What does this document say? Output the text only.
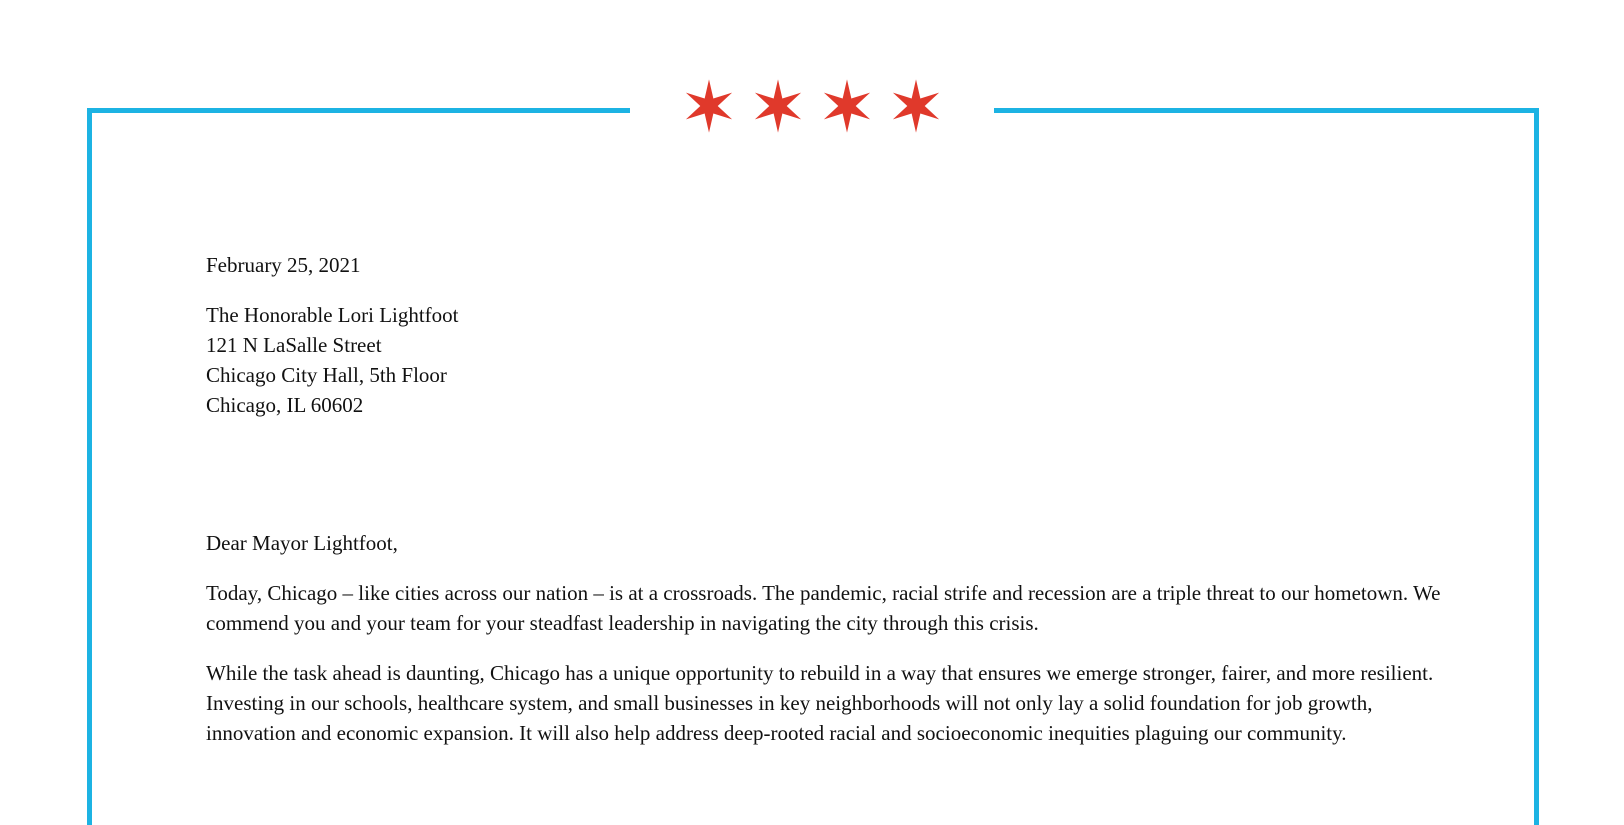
February 25, 2021

The Honorable Lori Lightfoot
121 N LaSalle Street
Chicago City Hall, 5th Floor
Chicago, IL 60602

Dear Mayor Lightfoot,

Today, Chicago – like cities across our nation – is at a crossroads. The pandemic, racial strife and recession are a triple threat to our hometown. We commend you and your team for your steadfast leadership in navigating the city through this crisis.

While the task ahead is daunting, Chicago has a unique opportunity to rebuild in a way that ensures we emerge stronger, fairer, and more resilient. Investing in our schools, healthcare system, and small businesses in key neighborhoods will not only lay a solid foundation for job growth, innovation and economic expansion. It will also help address deep-rooted racial and socioeconomic inequities plaguing our community.
